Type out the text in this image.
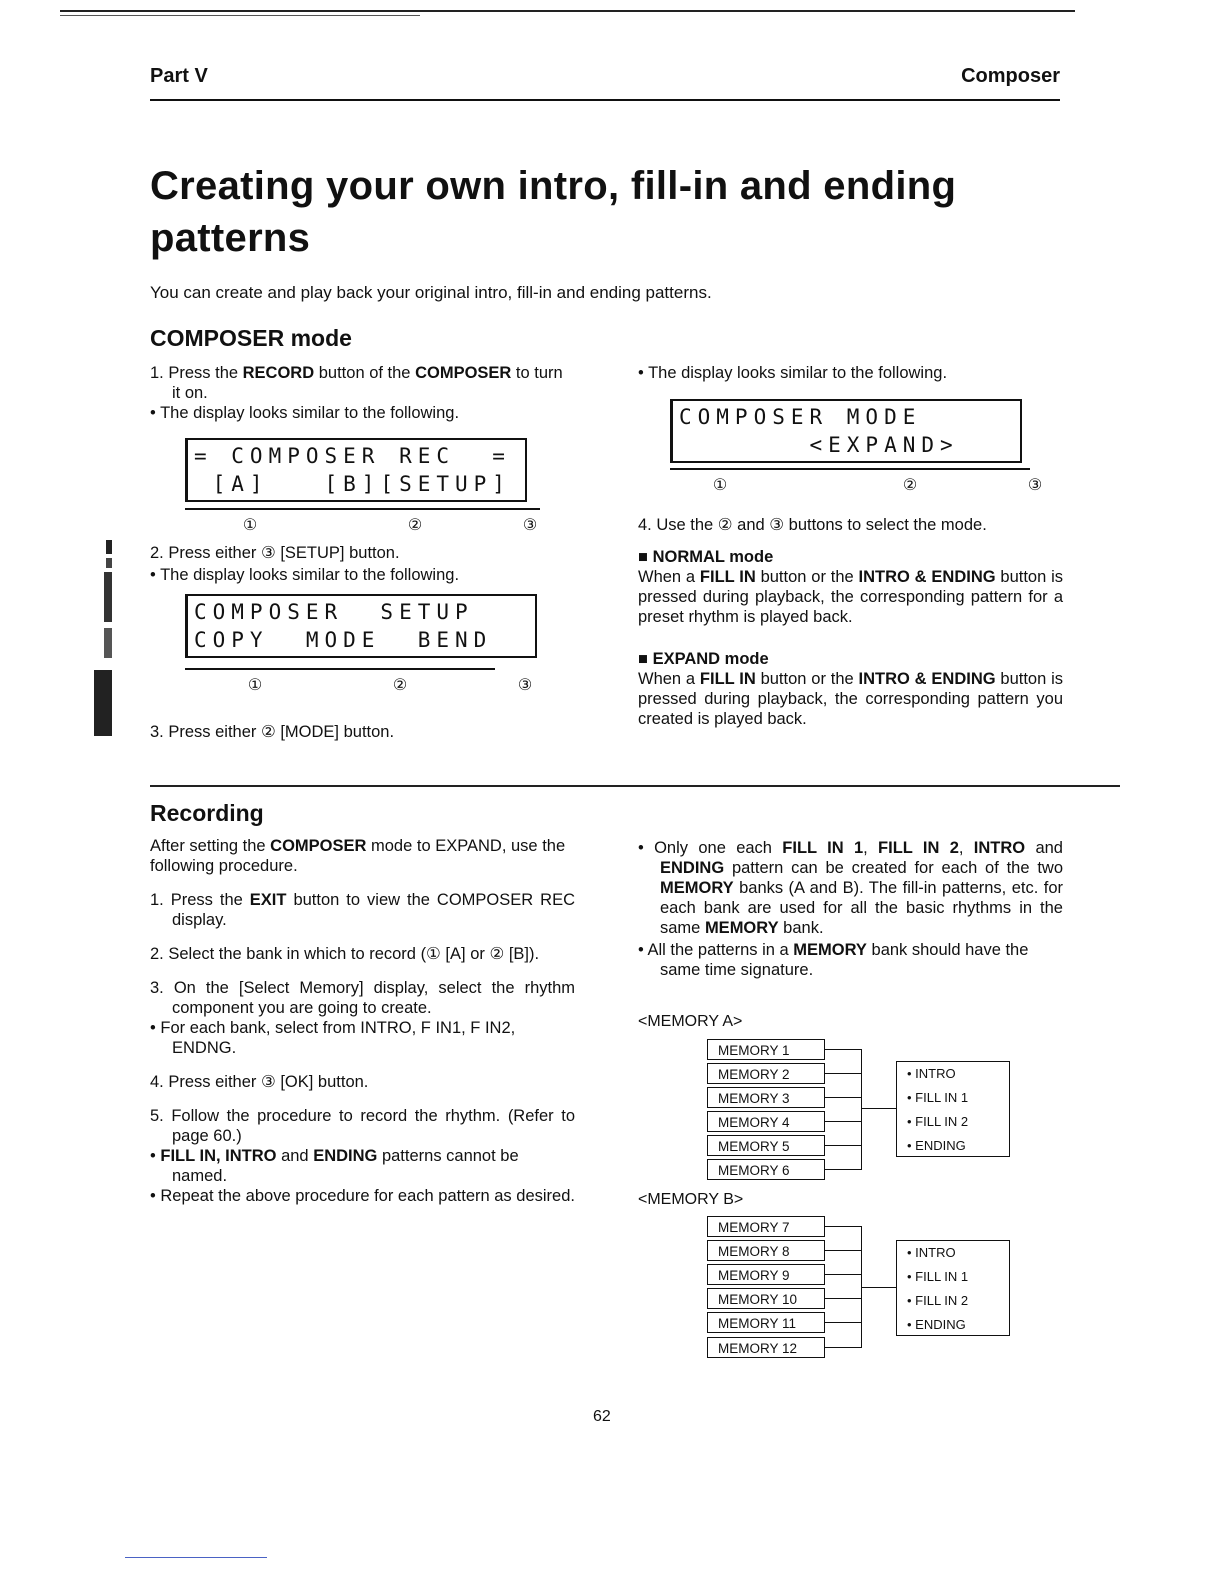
Part V	Composer
Creating your own intro, fill-in and ending patterns
You can create and play back your original intro, fill-in and ending patterns.
COMPOSER mode

1. Press the RECORD button of the COMPOSER to turn it on.

• The display looks similar to the following.

= COMPOSER REC  =
[A]   [B][SETUP]
①	②	③

2. Press either ③ [SETUP] button.

• The display looks similar to the following.

COMPOSER  SETUP
COPY  MODE  BEND
①	②	③

3. Press either ② [MODE] button.

• The display looks similar to the following.

COMPOSER MODE
<EXPAND>
①	②	③

4. Use the ② and ③ buttons to select the mode.

■ NORMAL mode

When a FILL IN button or the INTRO & ENDING button is pressed during playback, the corresponding pattern for a preset rhythm is played back.

■ EXPAND mode

When a FILL IN button or the INTRO & ENDING button is pressed during playback, the corresponding pattern you created is played back.

Recording

After setting the COMPOSER mode to EXPAND, use the following procedure.

1. Press the EXIT button to view the COMPOSER REC display.

2. Select the bank in which to record (① [A] or ② [B]).

3. On the [Select Memory] display, select the rhythm component you are going to create.

• For each bank, select from INTRO, F IN1, F IN2, ENDNG.

4. Press either ③ [OK] button.

5. Follow the procedure to record the rhythm. (Refer to page 60.)

• FILL IN, INTRO and ENDING patterns cannot be named.

• Repeat the above procedure for each pattern as desired.

• Only one each FILL IN 1, FILL IN 2, INTRO and ENDING pattern can be created for each of the two MEMORY banks (A and B). The fill-in patterns, etc. for each bank are used for all the basic rhythms in the same MEMORY bank.

• All the patterns in a MEMORY bank should have the same time signature.

<MEMORY A>
MEMORY 1
MEMORY 2
MEMORY 3
MEMORY 4
MEMORY 5
MEMORY 6
• INTRO
• FILL IN 1
• FILL IN 2
• ENDING
<MEMORY B>
MEMORY 7
MEMORY 8
MEMORY 9
MEMORY 10
MEMORY 11
MEMORY 12
• INTRO
• FILL IN 1
• FILL IN 2
• ENDING
62
